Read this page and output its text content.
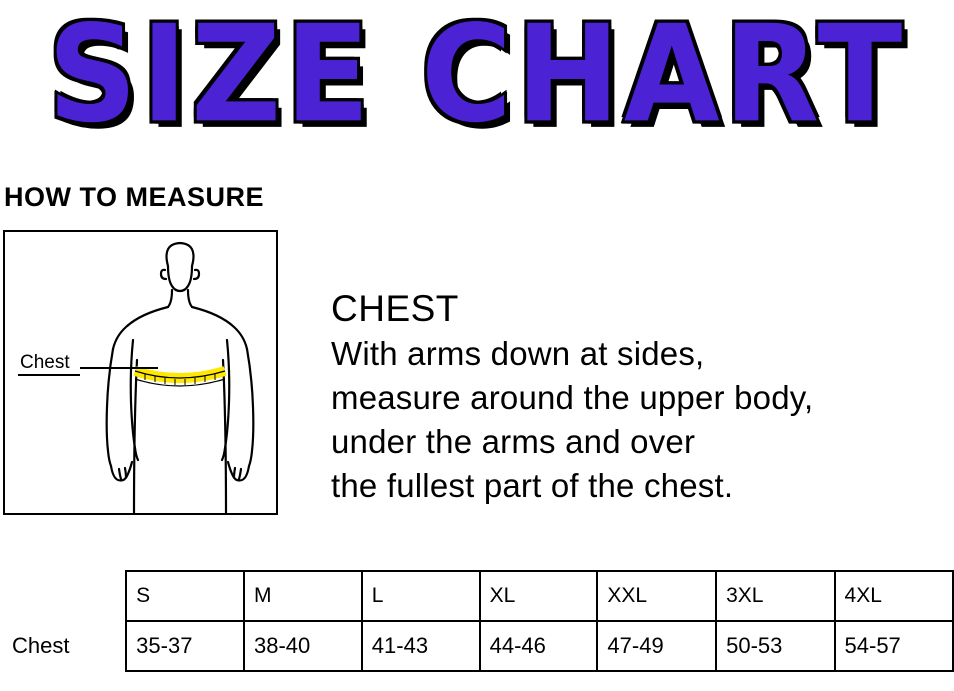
SIZE CHART
HOW TO MEASURE
Chest
CHEST
With arms down at sides,
measure around the upper body,
under the arms and over
the fullest part of the chest.
	S	M	L	XL	XXL	3XL	4XL
Chest	35-37	38-40	41-43	44-46	47-49	50-53	54-57
